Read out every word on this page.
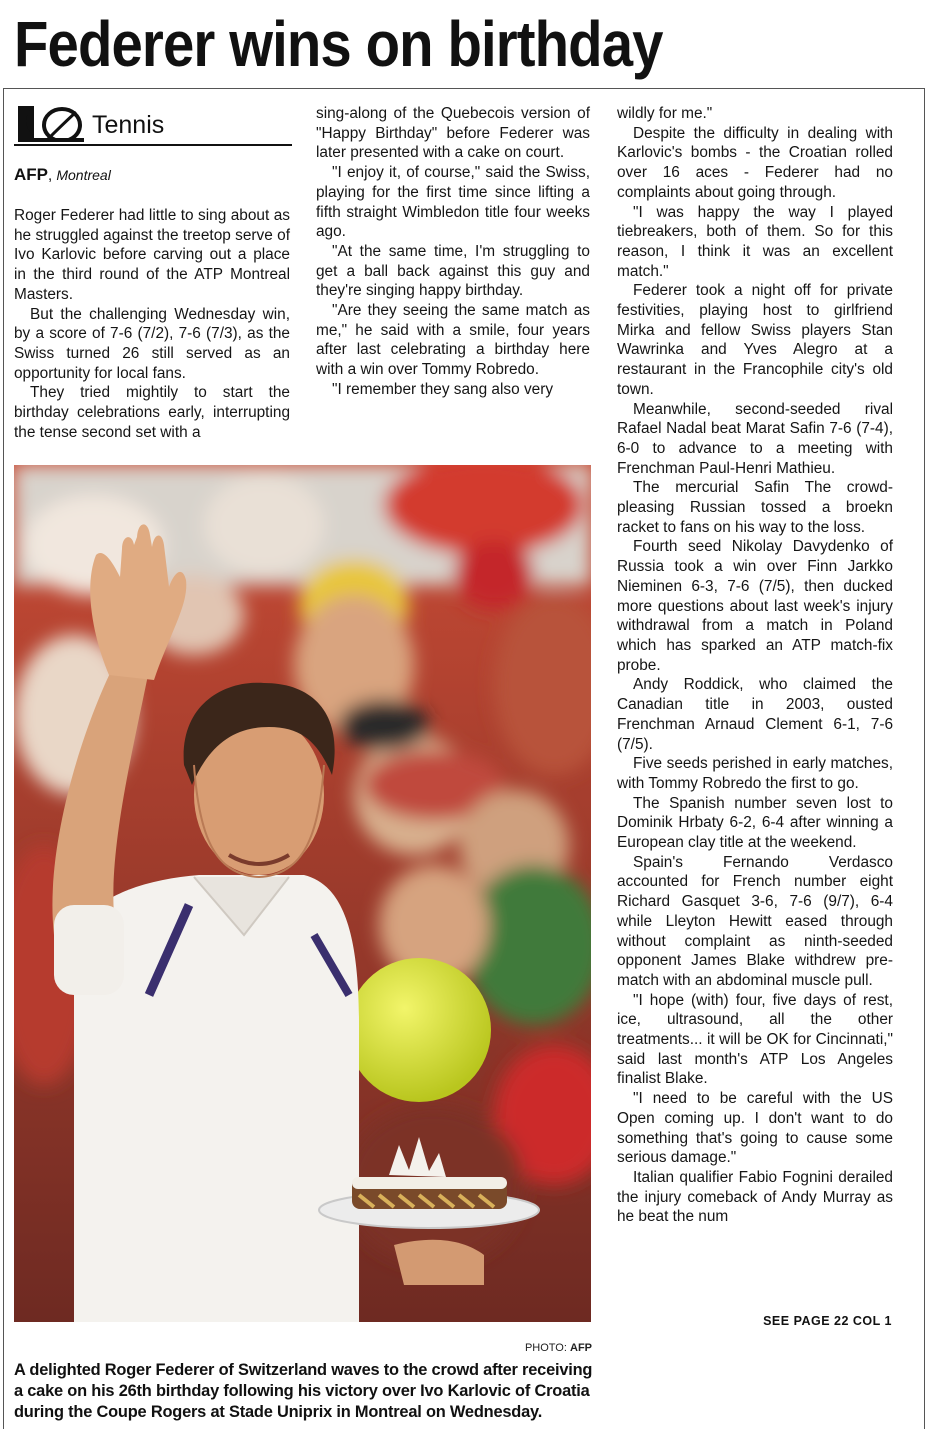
Federer wins on birthday
Tennis
AFP, Montreal

Roger Federer had little to sing about as he struggled against the treetop serve of Ivo Karlovic before carving out a place in the third round of the ATP Montreal Masters.

But the challenging Wednesday win, by a score of 7-6 (7/2), 7-6 (7/3), as the Swiss turned 26 still served as an opportunity for local fans.

They tried mightily to start the birthday celebrations early, interrupting the tense second set with a

sing-along of the Quebecois version of "Happy Birthday" before Federer was later presented with a cake on court.

"I enjoy it, of course," said the Swiss, playing for the first time since lifting a fifth straight Wimbledon title four weeks ago.

"At the same time, I'm struggling to get a ball back against this guy and they're singing happy birthday.

"Are they seeing the same match as me," he said with a smile, four years after last celebrating a birthday here with a win over Tommy Robredo.

"I remember they sang also very

wildly for me."

Despite the difficulty in dealing with Karlovic's bombs - the Croatian rolled over 16 aces - Federer had no complaints about going through.

"I was happy the way I played tiebreakers, both of them. So for this reason, I think it was an excellent match."

Federer took a night off for private festivities, playing host to girlfriend Mirka and fellow Swiss players Stan Wawrinka and Yves Alegro at a restaurant in the Francophile city's old town.

Meanwhile, second-seeded rival Rafael Nadal beat Marat Safin 7-6 (7-4), 6-0 to advance to a meeting with Frenchman Paul-Henri Mathieu.

The mercurial Safin The crowd-pleasing Russian tossed a broekn racket to fans on his way to the loss.

Fourth seed Nikolay Davydenko of Russia took a win over Finn Jarkko Nieminen 6-3, 7-6 (7/5), then ducked more questions about last week's injury withdrawal from a match in Poland which has sparked an ATP match-fix probe.

Andy Roddick, who claimed the Canadian title in 2003, ousted Frenchman Arnaud Clement 6-1, 7-6 (7/5).

Five seeds perished in early matches, with Tommy Robredo the first to go.

The Spanish number seven lost to Dominik Hrbaty 6-2, 6-4 after winning a European clay title at the weekend.

Spain's Fernando Verdasco accounted for French number eight Richard Gasquet 3-6, 7-6 (9/7), 6-4 while Lleyton Hewitt eased through without complaint as ninth-seeded opponent James Blake withdrew pre-match with an abdominal muscle pull.

"I hope (with) four, five days of rest, ice, ultrasound, all the other treatments... it will be OK for Cincinnati," said last month's ATP Los Angeles finalist Blake.

"I need to be careful with the US Open coming up. I don't want to do something that's going to cause some serious damage."

Italian qualifier Fabio Fognini derailed the injury comeback of Andy Murray as he beat the num

SEE PAGE 22 COL 1
PHOTO: AFP
A delighted Roger Federer of Switzerland waves to the crowd after receiving a cake on his 26th birthday following his victory over Ivo Karlovic of Croatia during the Coupe Rogers at Stade Uniprix in Montreal on Wednesday.
